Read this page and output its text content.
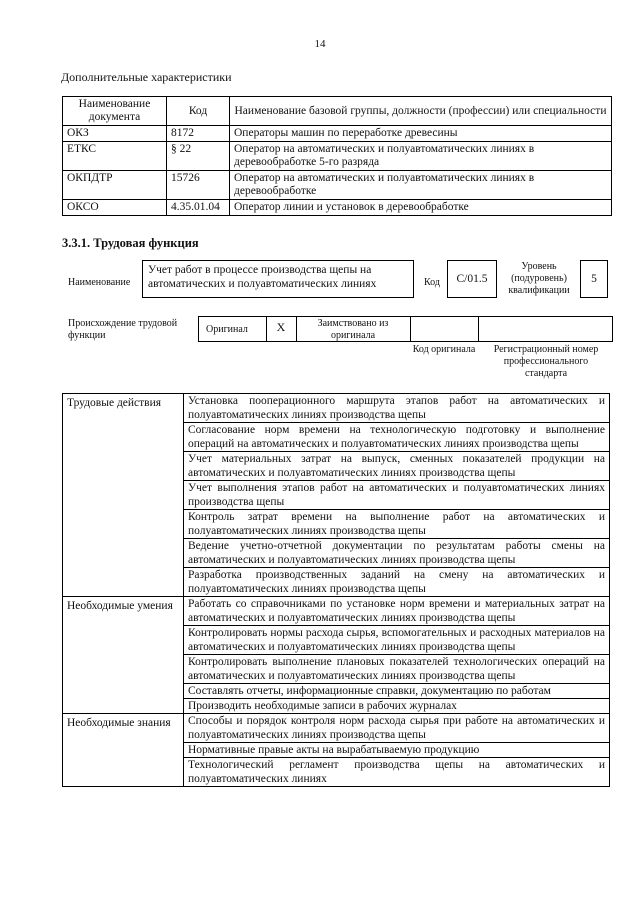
14
Дополнительные характеристики
Наименование документа	Код	Наименование базовой группы, должности (профессии) или специальности
ОКЗ	8172	Операторы машин по переработке древесины
ЕТКС	§ 22	Оператор на автоматических и полуавтоматических линиях в деревообработке 5-го разряда
ОКПДТР	15726	Оператор на автоматических и полуавтоматических линиях в деревообработке
ОКСО	4.35.01.04	Оператор линии и установок в деревообработке
3.3.1. Трудовая функция
Наименование
Учет работ в процессе производства щепы на автоматических и полуавтоматических линиях	Код	C/01.5
Уровень (подуровень) квалификации
5
Происхождение трудовой функции
Оригинал	X	Заимствовано из оригинала
Код оригинала	Регистрационный номер профессионального стандарта
Трудовые действия	Установка пооперационного маршрута этапов работ на автоматических и полуавтоматических линиях производства щепы
	Согласование норм времени на технологическую подготовку и выполнение операций на автоматических и полуавтоматических линиях производства щепы
	Учет материальных затрат на выпуск, сменных показателей продукции на автоматических и полуавтоматических линиях производства щепы
	Учет выполнения этапов работ на автоматических и полуавтоматических линиях производства щепы
	Контроль затрат времени на выполнение работ на автоматических и полуавтоматических линиях производства щепы
	Ведение учетно-отчетной документации по результатам работы смены на автоматических и полуавтоматических линиях производства щепы
	Разработка производственных заданий на смену на автоматических и полуавтоматических линиях производства щепы
Необходимые умения	Работать со справочниками по установке норм времени и материальных затрат на автоматических и полуавтоматических линиях производства щепы
	Контролировать нормы расхода сырья, вспомогательных и расходных материалов на автоматических и полуавтоматических линиях производства щепы
	Контролировать выполнение плановых показателей технологических операций на автоматических и полуавтоматических линиях производства щепы
	Составлять отчеты, информационные справки, документацию по работам
	Производить необходимые записи в рабочих журналах
Необходимые знания	Способы и порядок контроля норм расхода сырья при работе на автоматических и полуавтоматических линиях производства щепы
	Нормативные правые акты на вырабатываемую продукцию
	Технологический регламент производства щепы на автоматических и полуавтоматических линиях
